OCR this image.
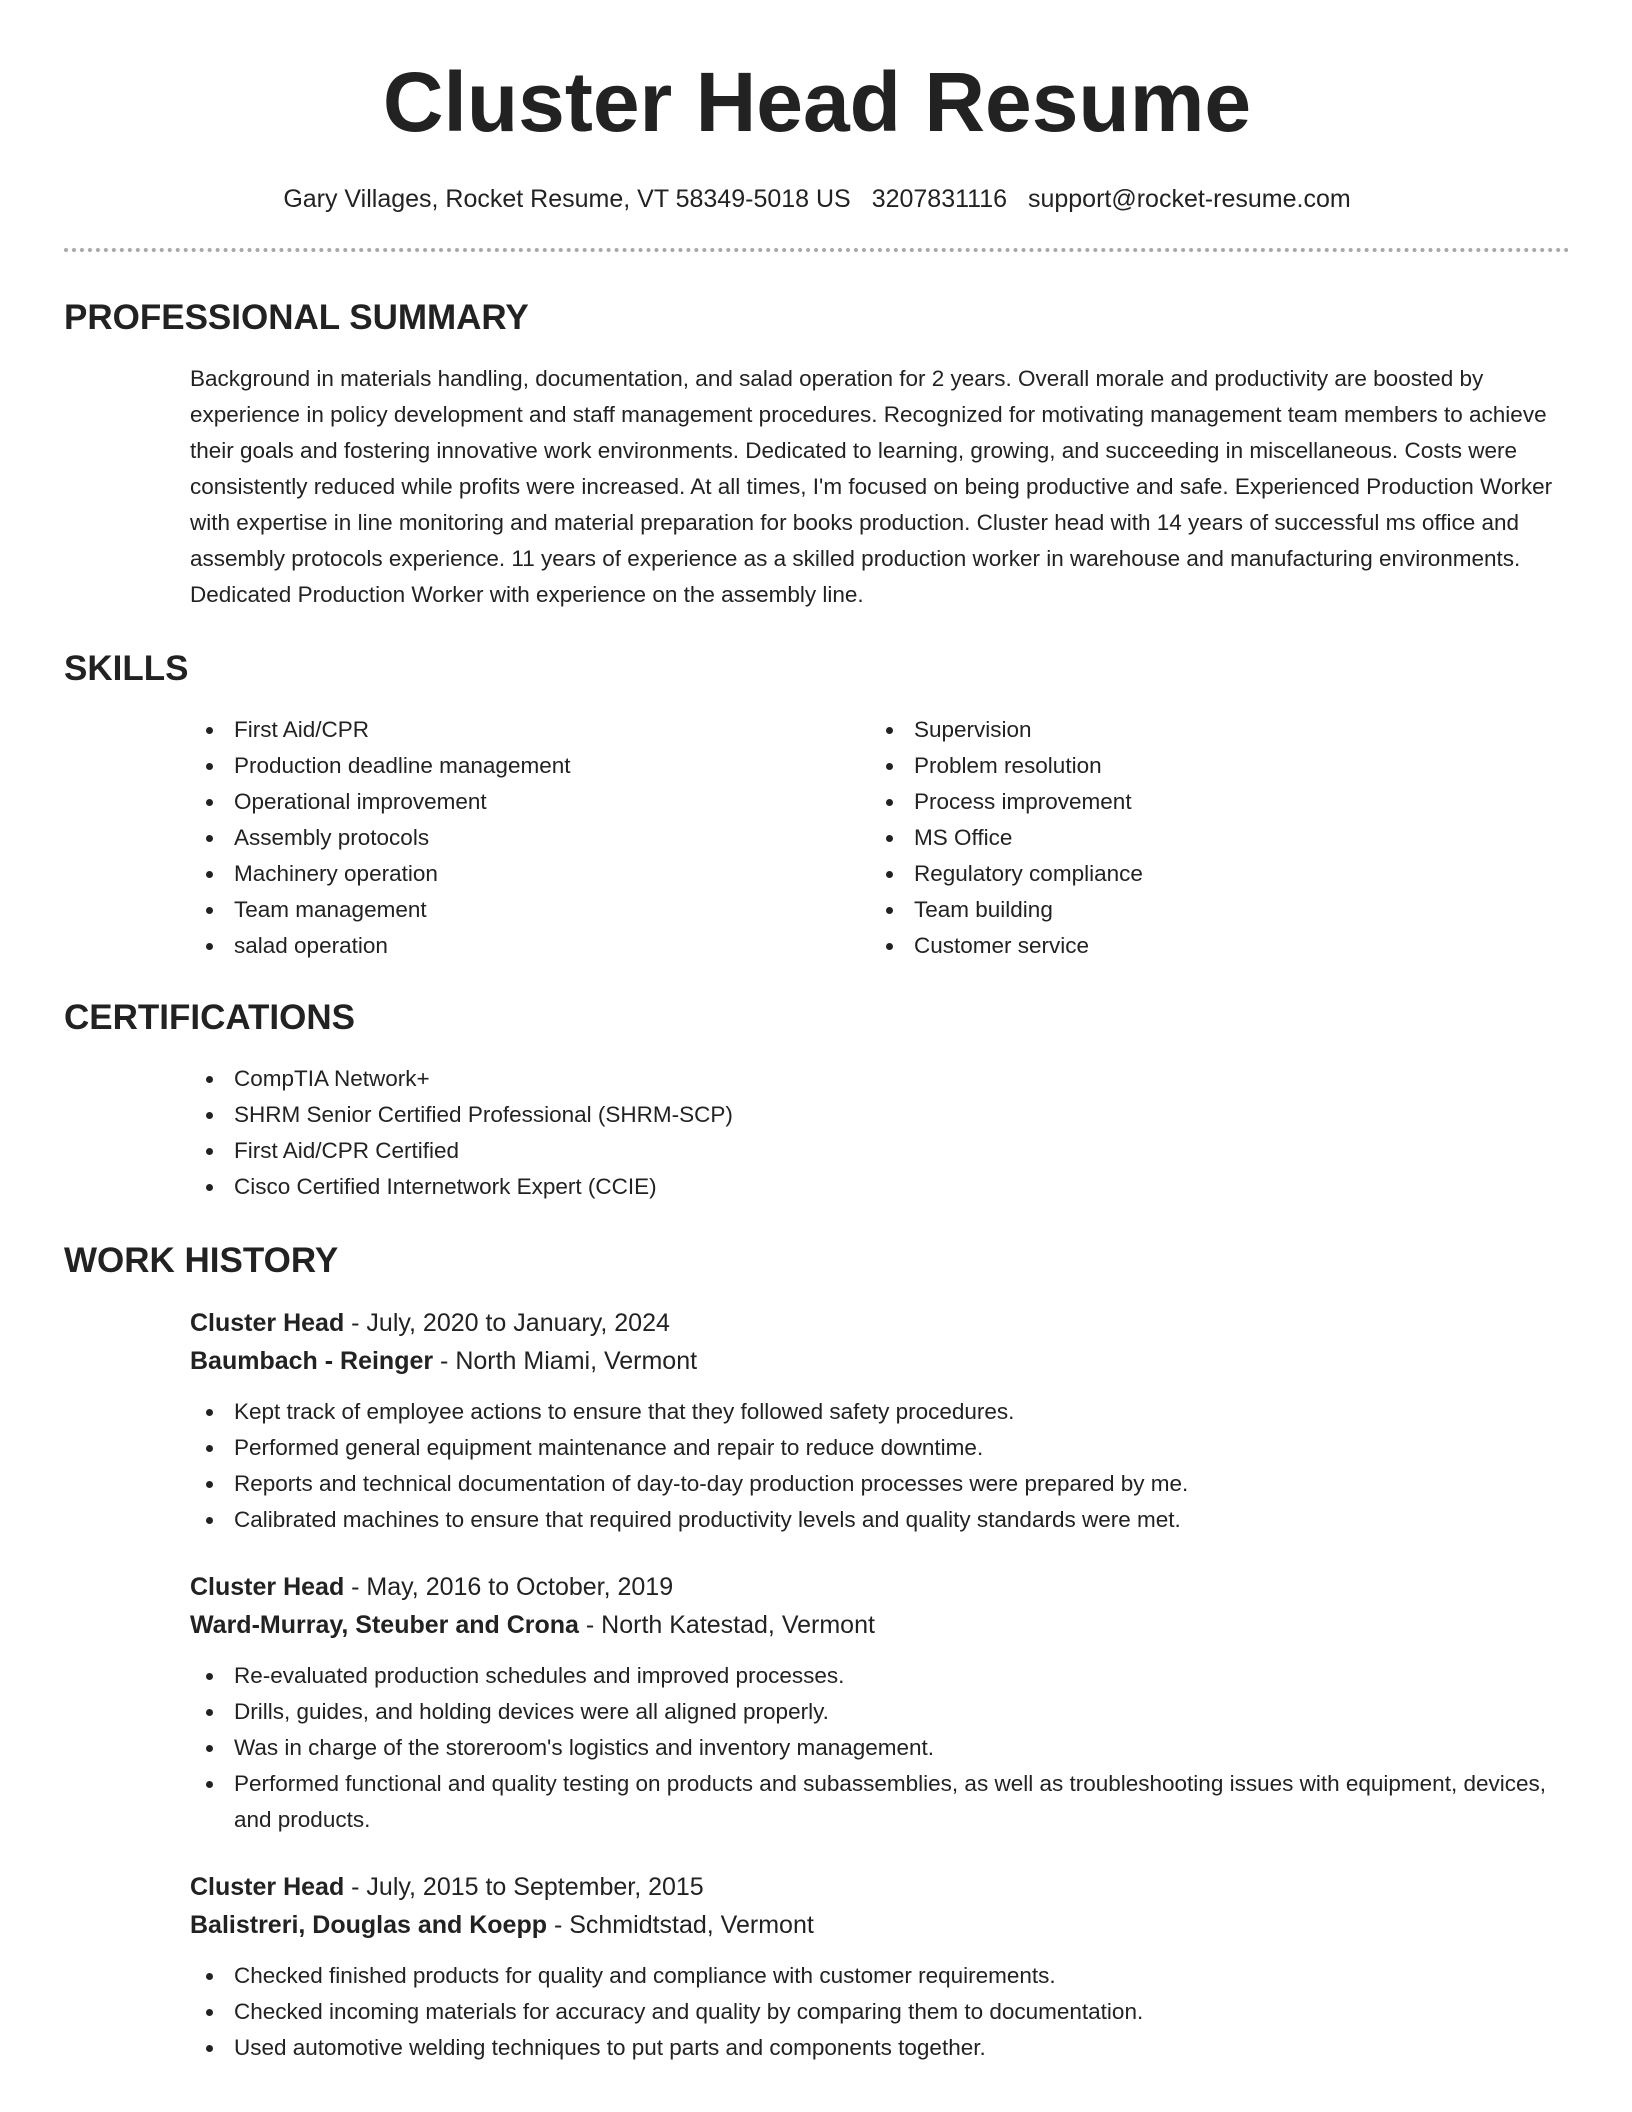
Cluster Head Resume
Gary Villages, Rocket Resume, VT 58349-5018 US 3207831116 support@rocket-resume.com
PROFESSIONAL SUMMARY
Background in materials handling, documentation, and salad operation for 2 years. Overall morale and productivity are boosted by experience in policy development and staff management procedures. Recognized for motivating management team members to achieve their goals and fostering innovative work environments. Dedicated to learning, growing, and succeeding in miscellaneous. Costs were consistently reduced while profits were increased. At all times, I'm focused on being productive and safe. Experienced Production Worker with expertise in line monitoring and material preparation for books production. Cluster head with 14 years of successful ms office and assembly protocols experience. 11 years of experience as a skilled production worker in warehouse and manufacturing environments. Dedicated Production Worker with experience on the assembly line.
SKILLS
First Aid/CPR
Production deadline management
Operational improvement
Assembly protocols
Machinery operation
Team management
salad operation
Supervision
Problem resolution
Process improvement
MS Office
Regulatory compliance
Team building
Customer service
CERTIFICATIONS
CompTIA Network+
SHRM Senior Certified Professional (SHRM-SCP)
First Aid/CPR Certified
Cisco Certified Internetwork Expert (CCIE)
WORK HISTORY
Cluster Head - July, 2020 to January, 2024
Baumbach - Reinger - North Miami, Vermont
Kept track of employee actions to ensure that they followed safety procedures.
Performed general equipment maintenance and repair to reduce downtime.
Reports and technical documentation of day-to-day production processes were prepared by me.
Calibrated machines to ensure that required productivity levels and quality standards were met.
Cluster Head - May, 2016 to October, 2019
Ward-Murray, Steuber and Crona - North Katestad, Vermont
Re-evaluated production schedules and improved processes.
Drills, guides, and holding devices were all aligned properly.
Was in charge of the storeroom's logistics and inventory management.
Performed functional and quality testing on products and subassemblies, as well as troubleshooting issues with equipment, devices, and products.
Cluster Head - July, 2015 to September, 2015
Balistreri, Douglas and Koepp - Schmidtstad, Vermont
Checked finished products for quality and compliance with customer requirements.
Checked incoming materials for accuracy and quality by comparing them to documentation.
Used automotive welding techniques to put parts and components together.
